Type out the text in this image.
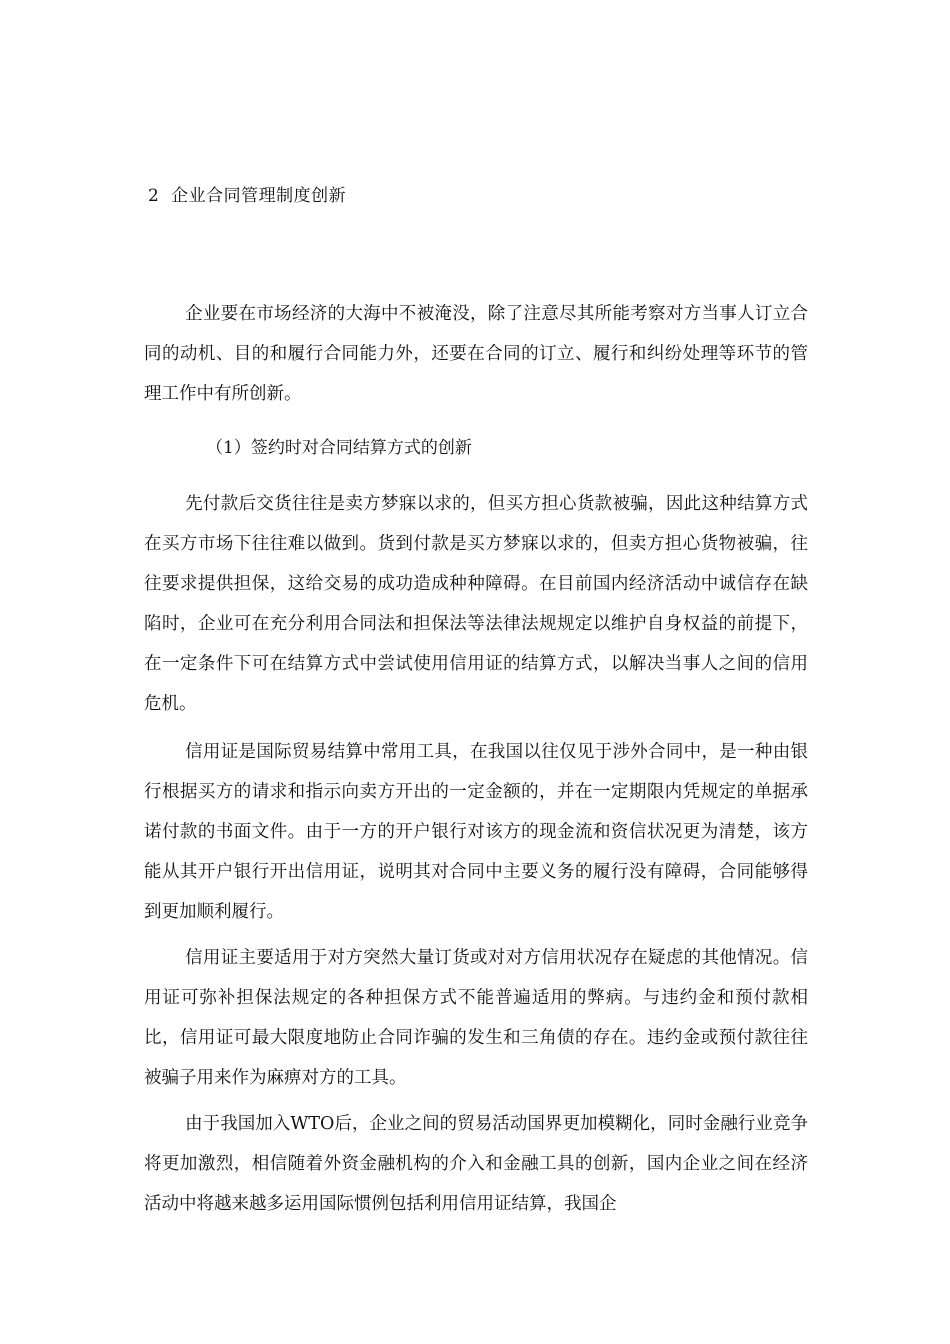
2 企业合同管理制度创新

企业要在市场经济的大海中不被淹没，除了注意尽其所能考察对方当事人订立合同的动机、目的和履行合同能力外，还要在合同的订立、履行和纠纷处理等环节的管理工作中有所创新。

（1）签约时对合同结算方式的创新

先付款后交货往往是卖方梦寐以求的，但买方担心货款被骗，因此这种结算方式在买方市场下往往难以做到。货到付款是买方梦寐以求的，但卖方担心货物被骗，往往要求提供担保，这给交易的成功造成种种障碍。在目前国内经济活动中诚信存在缺陷时，企业可在充分利用合同法和担保法等法律法规规定以维护自身权益的前提下，在一定条件下可在结算方式中尝试使用信用证的结算方式，以解决当事人之间的信用危机。

信用证是国际贸易结算中常用工具，在我国以往仅见于涉外合同中，是一种由银行根据买方的请求和指示向卖方开出的一定金额的，并在一定期限内凭规定的单据承诺付款的书面文件。由于一方的开户银行对该方的现金流和资信状况更为清楚，该方能从其开户银行开出信用证，说明其对合同中主要义务的履行没有障碍，合同能够得到更加顺利履行。

信用证主要适用于对方突然大量订货或对对方信用状况存在疑虑的其他情况。信用证可弥补担保法规定的各种担保方式不能普遍适用的弊病。与违约金和预付款相比，信用证可最大限度地防止合同诈骗的发生和三角债的存在。违约金或预付款往往被骗子用来作为麻痹对方的工具。

由于我国加入WTO后，企业之间的贸易活动国界更加模糊化，同时金融行业竞争将更加激烈，相信随着外资金融机构的介入和金融工具的创新，国内企业之间在经济活动中将越来越多运用国际惯例包括利用信用证结算，我国企
